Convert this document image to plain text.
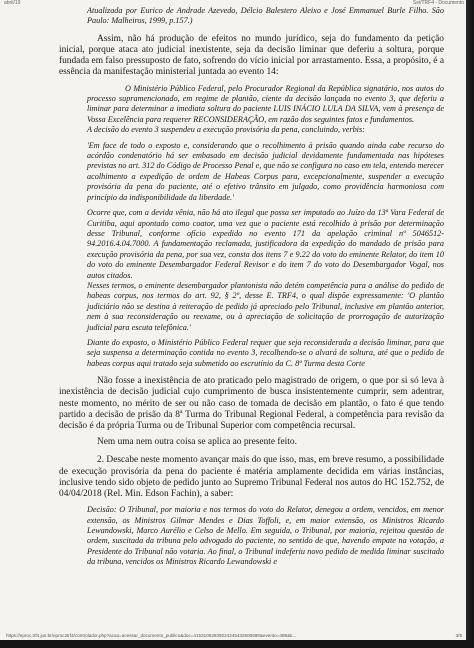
abril/19	Sei/TRF4 - Documento

Atualizada por Eurico de Andrade Azevedo, Délcio Balestero Aleixo e José Emmanuel Burle Filho. São Paulo: Malheiros, 1999, p.157.)

Assim, não há produção de efeitos no mundo jurídico, seja do fundamento da petição inicial, porque ataca ato judicial inexistente, seja da decisão liminar que deferiu a soltura, porque fundada em falso pressuposto de fato, sofrendo do vício inicial por arrastamento. Essa, a propósito, é a essência da manifestação ministerial juntada ao evento 14:

O Ministério Público Federal, pelo Procurador Regional da República signatário, nos autos do processo supramencionado, em regime de plantão, ciente da decisão lançada no evento 3, que deferiu a liminar para determinar a imediata soltura do paciente LUIS INÁCIO LULA DA SILVA, vem à presença de Vossa Excelência para requerer RECONSIDERAÇÃO, em razão dos seguintes fatos e fundamentos.

A decisão do evento 3 suspendeu a execução provisória da pena, concluindo, verbis:

'Em face de todo o exposto e, considerando que o recolhimento à prisão quando ainda cabe recurso do acórdão condenatório há ser embasado em decisão judicial devidamente fundamentada nas hipóteses previstas no art. 312 do Código de Processo Penal e, que não se configura no caso em tela, entendo merecer acolhimento a expedição de ordem de Habeas Corpus para, excepcionalmente, suspender a execução provisória da pena do paciente, até o efetivo trânsito em julgado, como providência harmoniosa com princípio da indisponibilidade da liberdade.'

Ocorre que, com a devida vênia, não há ato ilegal que possa ser imputado ao Juízo da 13ª Vara Federal de Curitiba, aqui apontado como coator, uma vez que o paciente está recolhido à prisão por determinação desse Tribunal, conforme ofício expedido no evento 171 da apelação criminal nº 5046512-94.2016.4.04.7000. A fundamentação reclamada, justificadora da expedição do mandado de prisão para execução provisória da pena, por sua vez, consta dos itens 7 e 9.22 do voto do eminente Relator, do item 10 do voto do eminente Desembargador Federal Revisor e do item 7 do voto do Desembargador Vogal, nos autos citados.

Nesses termos, o eminente desembargador plantonista não detém competência para a análise do pedido de habeas corpus, nos termos do art. 92, § 2º, desse E. TRF4, o qual dispõe expressamente: 'O plantão judiciário não se destina à reiteração de pedido já apreciado pelo Tribunal, inclusive em plantão anterior, nem à sua reconsideração ou reexame, ou à apreciação de solicitação de prorrogação de autorização judicial para escuta telefônica.'

Diante do exposto, o Ministério Público Federal requer que seja reconsiderada a decisão liminar, para que seja suspensa a determinação contida no evento 3, recolhendo-se o alvará de soltura, até que o pedido de habeas corpus aqui tratado seja submetido ao escrutínio da C. 8ª Turma desta Corte

Não fosse a inexistência de ato praticado pelo magistrado de origem, o que por si só leva à inexistência de decisão judicial cujo cumprimento de busca insistentemente cumprir, sem adentrar, neste momento, no mérito de ser ou não caso de tomada de decisão em plantão, o fato é que tendo partido a decisão de prisão da 8ª Turma do Tribunal Regional Federal, a competência para revisão da decisão é da própria Turma ou de Tribunal Superior com competência recursal.

Nem uma nem outra coisa se aplica ao presente feito.

2. Descabe neste momento avançar mais do que isso, mas, em breve resumo, a possibilidade de execução provisória da pena do paciente é matéria amplamente decidida em várias instâncias, inclusive tendo sido objeto de pedido junto ao Supremo Tribunal Federal nos autos do HC 152.752, de 04/04/2018 (Rel. Min. Edson Fachin), a saber:

Decisão: O Tribunal, por maioria e nos termos do voto do Relator, denegou a ordem, vencidos, em menor extensão, os Ministros Gilmar Mendes e Dias Toffoli, e, em maior extensão, os Ministros Ricardo Lewandowski, Marco Aurélio e Celso de Mello. Em seguida, o Tribunal, por maioria, rejeitou questão de ordem, suscitada da tribuna pelo advogado do paciente, no sentido de que, havendo empate na votação, a Presidente do Tribunal não votaria. Ao final, o Tribunal indeferiu novo pedido de medida liminar suscitado da tribuna, vencidos os Ministros Ricardo Lewandowski e

https://eproc.trf4.jus.br/eproc2trf4/controlador.php?acao=acessar_documento_publico&doc=41531062839224245432500698&evento=489&k...	3/6
